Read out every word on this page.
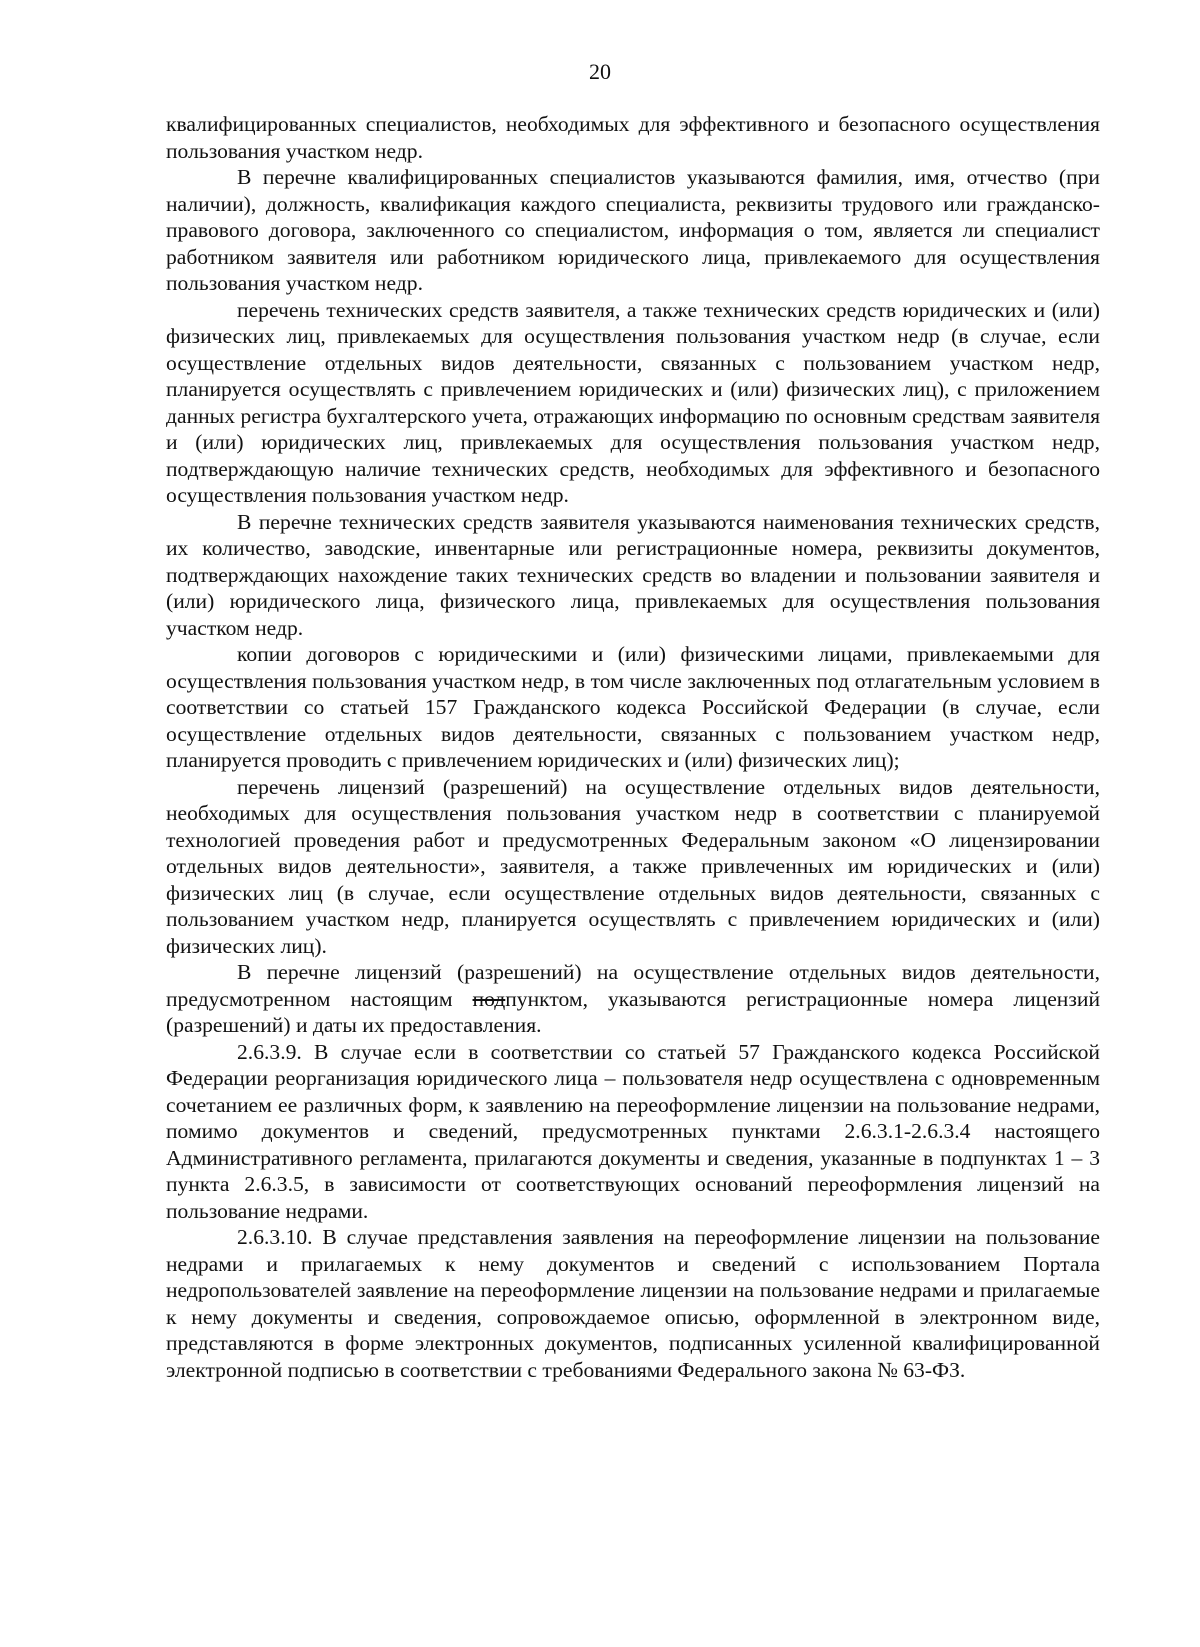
20

квалифицированных специалистов, необходимых для эффективного и безопасного осуществления пользования участком недр.

В перечне квалифицированных специалистов указываются фамилия, имя, отчество (при наличии), должность, квалификация каждого специалиста, реквизиты трудового или гражданско-правового договора, заключенного со специалистом, информация о том, является ли специалист работником заявителя или работником юридического лица, привлекаемого для осуществления пользования участком недр.

перечень технических средств заявителя, а также технических средств юридических и (или) физических лиц, привлекаемых для осуществления пользования участком недр (в случае, если осуществление отдельных видов деятельности, связанных с пользованием участком недр, планируется осуществлять с привлечением юридических и (или) физических лиц), с приложением данных регистра бухгалтерского учета, отражающих информацию по основным средствам заявителя и (или) юридических лиц, привлекаемых для осуществления пользования участком недр, подтверждающую наличие технических средств, необходимых для эффективного и безопасного осуществления пользования участком недр.

В перечне технических средств заявителя указываются наименования технических средств, их количество, заводские, инвентарные или регистрационные номера, реквизиты документов, подтверждающих нахождение таких технических средств во владении и пользовании заявителя и (или) юридического лица, физического лица, привлекаемых для осуществления пользования участком недр.

копии договоров с юридическими и (или) физическими лицами, привлекаемыми для осуществления пользования участком недр, в том числе заключенных под отлагательным условием в соответствии со статьей 157 Гражданского кодекса Российской Федерации (в случае, если осуществление отдельных видов деятельности, связанных с пользованием участком недр, планируется проводить с привлечением юридических и (или) физических лиц);

перечень лицензий (разрешений) на осуществление отдельных видов деятельности, необходимых для осуществления пользования участком недр в соответствии с планируемой технологией проведения работ и предусмотренных Федеральным законом «О лицензировании отдельных видов деятельности», заявителя, а также привлеченных им юридических и (или) физических лиц (в случае, если осуществление отдельных видов деятельности, связанных с пользованием участком недр, планируется осуществлять с привлечением юридических и (или) физических лиц).

В перечне лицензий (разрешений) на осуществление отдельных видов деятельности, предусмотренном настоящим подпунктом, указываются регистрационные номера лицензий (разрешений) и даты их предоставления.

2.6.3.9. В случае если в соответствии со статьей 57 Гражданского кодекса Российской Федерации реорганизация юридического лица – пользователя недр осуществлена с одновременным сочетанием ее различных форм, к заявлению на переоформление лицензии на пользование недрами, помимо документов и сведений, предусмотренных пунктами 2.6.3.1-2.6.3.4 настоящего Административного регламента, прилагаются документы и сведения, указанные в подпунктах 1 – 3 пункта 2.6.3.5, в зависимости от соответствующих оснований переоформления лицензий на пользование недрами.

2.6.3.10. В случае представления заявления на переоформление лицензии на пользование недрами и прилагаемых к нему документов и сведений с использованием Портала недропользователей заявление на переоформление лицензии на пользование недрами и прилагаемые к нему документы и сведения, сопровождаемое описью, оформленной в электронном виде, представляются в форме электронных документов, подписанных усиленной квалифицированной электронной подписью в соответствии с требованиями Федерального закона № 63-ФЗ.
